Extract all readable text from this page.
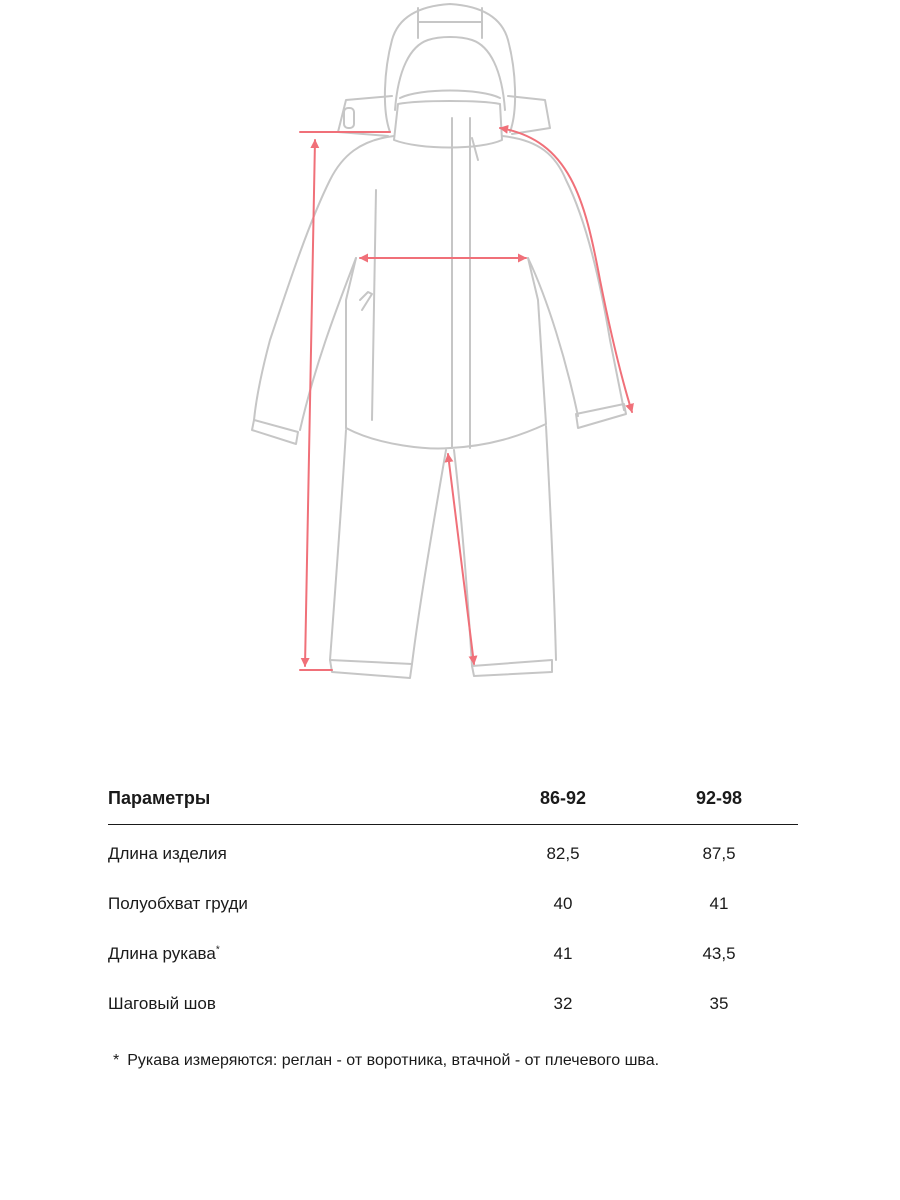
Параметры	86-92	92-98
Длина изделия	82,5	87,5
Полуобхват груди	40	41
Длина рукава*	41	43,5
Шаговый шов	32	35
* Рукава измеряются: реглан - от воротника, втачной - от плечевого шва.
